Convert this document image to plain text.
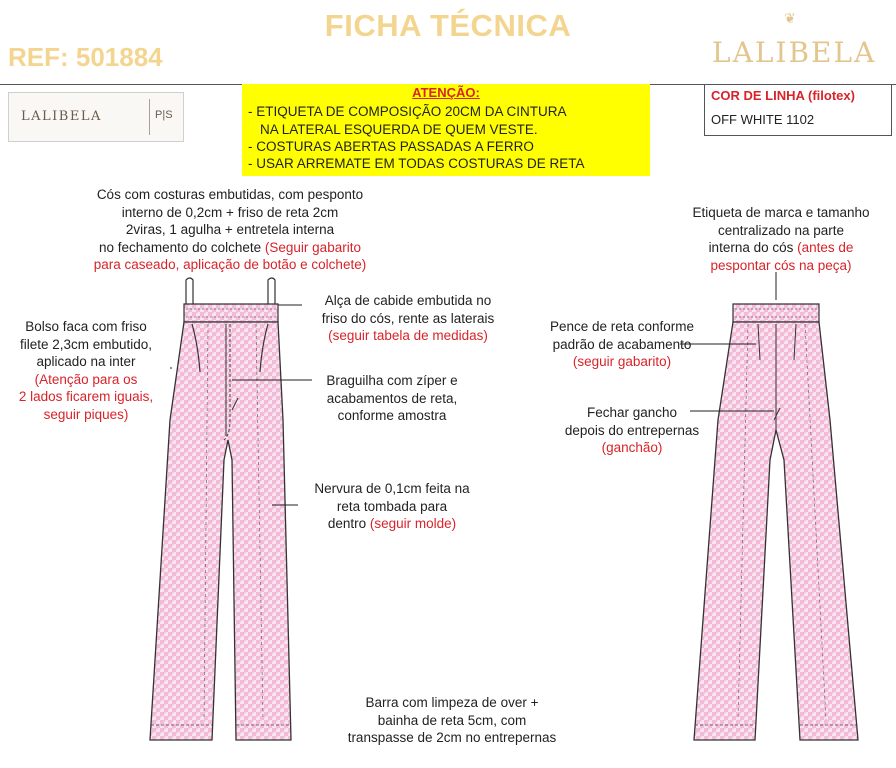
FICHA TÉCNICA
REF: 501884
❦
LALIBELA
LALIBELA	P|S
ATENÇÃO:
- ETIQUETA DE COMPOSIÇÃO 20CM DA CINTURA
NA LATERAL ESQUERDA DE QUEM VESTE.
- COSTURAS ABERTAS PASSADAS A FERRO
- USAR ARREMATE EM TODAS COSTURAS DE RETA
COR DE LINHA (filotex)
OFF WHITE 1102
Cós com costuras embutidas, com pesponto
interno de 0,2cm + friso de reta 2cm
2viras, 1 agulha + entretela interna
no fechamento do colchete (Seguir gabarito
para caseado, aplicação de botão e colchete)
Bolso faca com friso
filete 2,3cm embutido,
aplicado na inter
(Atenção para os
2 lados ficarem iguais,
seguir piques)
Alça de cabide embutida no
friso do cós, rente as laterais
(seguir tabela de medidas)
Braguilha com zíper e
acabamentos de reta,
conforme amostra
Nervura de 0,1cm feita na
reta tombada para
dentro (seguir molde)
Barra com limpeza de over +
bainha de reta 5cm, com
transpasse de 2cm no entrepernas
Etiqueta de marca e tamanho
centralizado na parte
interna do cós (antes de
pespontar cós na peça)
Pence de reta conforme
padrão de acabamento
(seguir gabarito)
Fechar gancho
depois do entrepernas
(ganchão)
